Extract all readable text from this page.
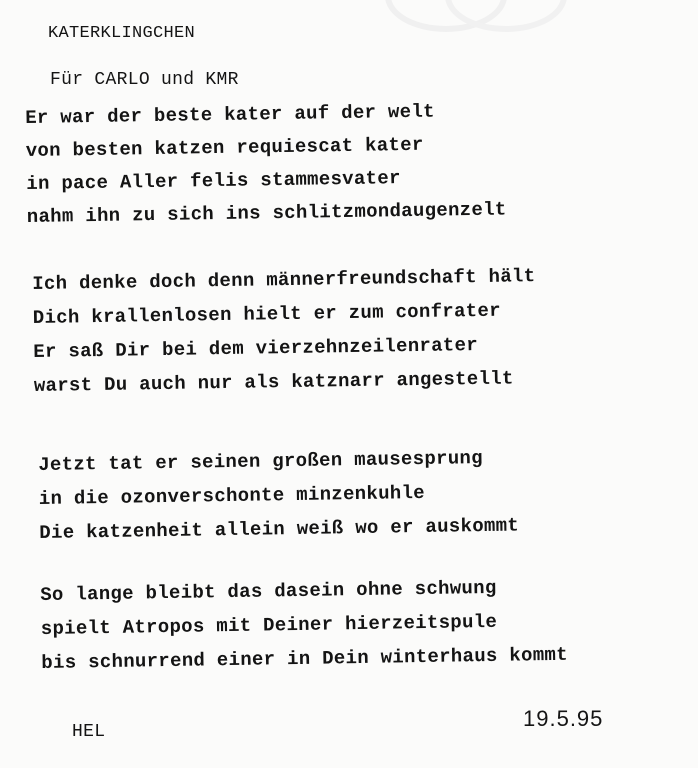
KATERKLINGCHEN
Für CARLO und KMR
Er war der beste kater auf der welt
von besten katzen requiescat kater
in pace Aller felis stammesvater
nahm ihn zu sich ins schlitzmondaugenzelt
Ich denke doch denn männerfreundschaft hält
Dich krallenlosen hielt er zum confrater
Er saß Dir bei dem vierzehnzeilenrater
warst Du auch nur als katznarr angestellt
Jetzt tat er seinen großen mausesprung
in die ozonverschonte minzenkuhle
Die katzenheit allein weiß wo er auskommt
So lange bleibt das dasein ohne schwung
spielt Atropos mit Deiner hierzeitspule
bis schnurrend einer in Dein winterhaus kommt
HEL
19.5.95
